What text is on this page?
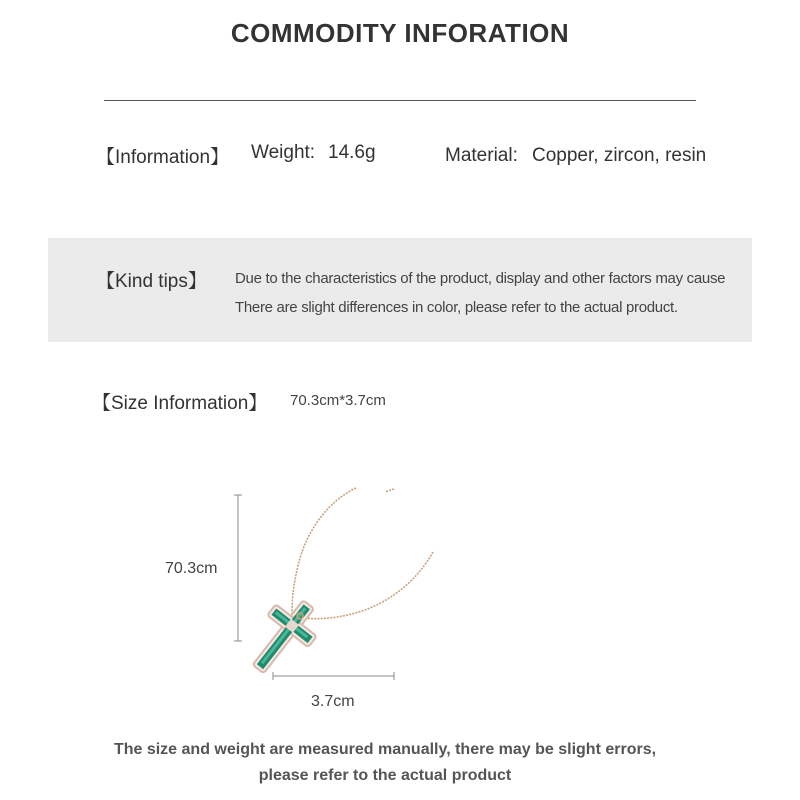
COMMODITY INFORATION
【Information】 Weight: 14.6g	Material: Copper, zircon, resin
【Kind tips】 Due to the characteristics of the product, display and other factors may cause
There are slight differences in color, please refer to the actual product.
【Size Information】 70.3cm*3.7cm
70.3cm
3.7cm
The size and weight are measured manually, there may be slight errors,
please refer to the actual product
